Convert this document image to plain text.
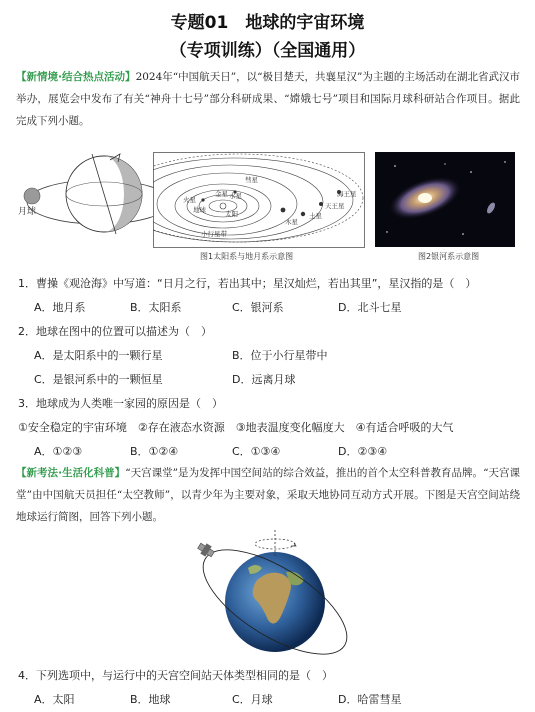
专题01　地球的宇宙环境
（专项训练）（全国通用）
【新情境·结合热点活动】2024年“中国航天日”，以“极目楚天，共襄星汉”为主题的主场活动在湖北省武汉市举办，展览会中发布了有关“神舟十七号”部分科研成果、“嫦娥七号”项目和国际月球科研站合作项目。据此完成下列小题。
月球
火星
地球
金星 水星
太阳
木星
土星
天王星
海王星
小行星带
彗星
图1太阳系与地月系示意图	图2银河系示意图
1．曹操《观沧海》中写道：“日月之行，若出其中；星汉灿烂，若出其里”，星汉指的是（　）
A．地月系	B．太阳系	C．银河系	D．北斗七星
2．地球在图中的位置可以描述为（　）
A．是太阳系中的一颗行星	B．位于小行星带中
C．是银河系中的一颗恒星	D．远离月球
3．地球成为人类唯一家园的原因是（　）
①安全稳定的宇宙环境　②存在液态水资源　③地表温度变化幅度大　④有适合呼吸的大气
A．①②③	B．①②④	C．①③④	D．②③④
【新考法·生活化科普】“天宫课堂”是为发挥中国空间站的综合效益，推出的首个太空科普教育品牌。“天宫课堂”由中国航天员担任“太空教师”，以青少年为主要对象，采取天地协同互动方式开展。下图是天宫空间站绕地球运行简图，回答下列小题。
4．下列选项中，与运行中的天宫空间站天体类型相同的是（　）
A．太阳	B．地球	C．月球	D．哈雷彗星
